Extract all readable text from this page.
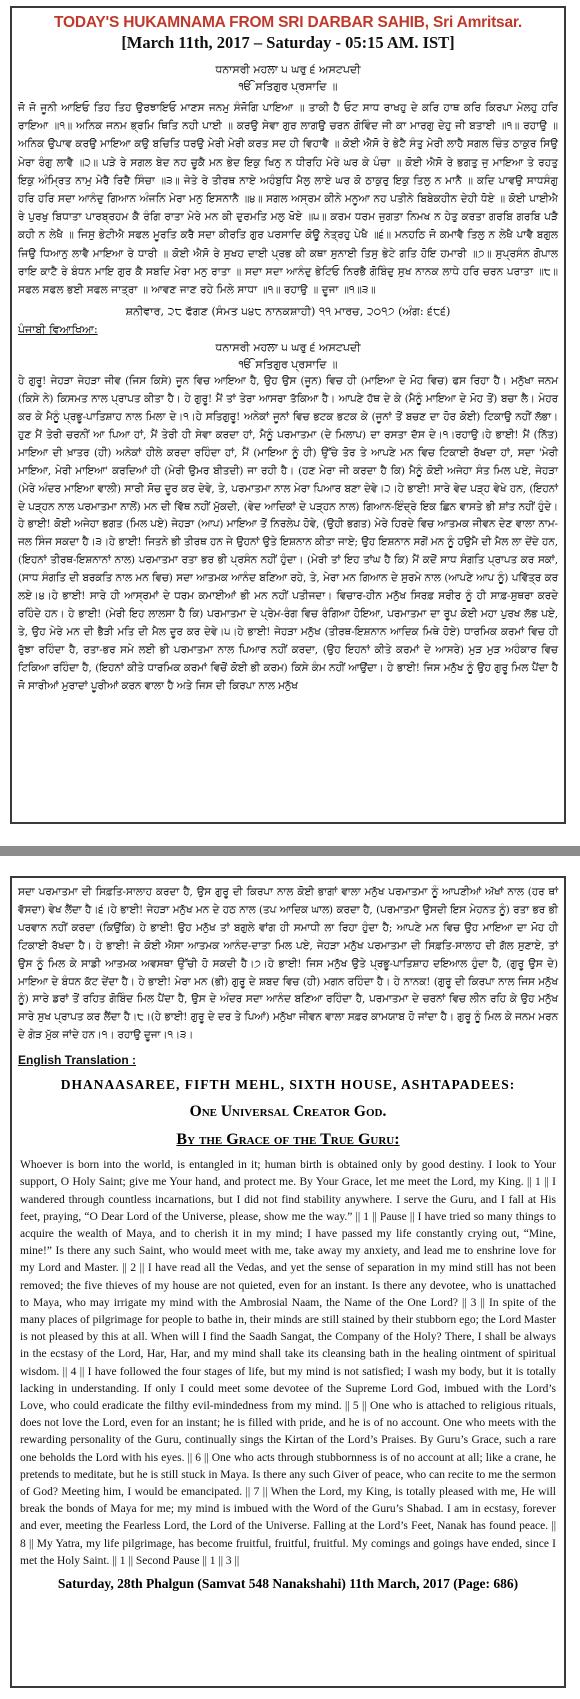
TODAY'S HUKAMNAMA FROM SRI DARBAR SAHIB, Sri Amritsar.
[March 11th, 2017 – Saturday - 05:15 AM. IST]
ਧਨਾਸਰੀ ਮਹਲਾ ੫ ਘਰੁ ੬ ਅਸਟਪਦੀ
ੴ ਸਤਿਗੁਰ ਪ੍ਰਸਾਦਿ ॥
ਜੋ ਜੋ ਜੂਨੀ ਆਇਓ ਤਿਹ ਤਿਹ ਉਰਝਾਇਓ ਮਾਣਸ ਜਨਮੁ ਸੰਜੋਗਿ ਪਾਇਆ ॥ ਤਾਕੀ ਹੈ ਓਟ ਸਾਧ ਰਾਖਹੁ ਦੇ ਕਰਿ ਹਾਥ ਕਰਿ ਕਿਰਪਾ ਮੇਲਹੁ ਹਰਿ ਰਾਇਆ ॥੧॥ ਅਨਿਕ ਜਨਮ ਭ੍ਰਮਿ ਥਿਤਿ ਨਹੀ ਪਾਈ ॥ ਕਰਉ ਸੇਵਾ ਗੁਰ ਲਾਗਉ ਚਰਨ ਗੋਵਿੰਦ ਜੀ ਕਾ ਮਾਰਗੁ ਦੇਹੁ ਜੀ ਬਤਾਈ ॥੧॥ ਰਹਾਉ ॥ ਅਨਿਕ ਉਪਾਵ ਕਰਉ ਮਾਇਆ ਕਉ ਬਚਿਤਿ ਧਰਉ ਮੇਰੀ ਮੇਰੀ ਕਰਤ ਸਦ ਹੀ ਵਿਹਾਵੈ ॥ ਕੋਈ ਐਸੋ ਰੇ ਭੇਟੈ ਸੰਤੁ ਮੇਰੀ ਲਾਹੈ ਸਗਲ ਚਿੰਤ ਠਾਕੁਰ ਸਿਉ ਮੇਰਾ ਰੰਗੁ ਲਾਵੈ ॥੨॥ ਪੜੇ ਰੇ ਸਗਲ ਬੇਦ ਨਹ ਚੂਕੈ ਮਨ ਭੇਦ ਇਕੁ ਖਿਨੁ ਨ ਧੀਰਹਿ ਮੇਰੇ ਘਰ ਕੇ ਪੰਚਾ ॥ ਕੋਈ ਐਸੋ ਰੇ ਭਗਤੁ ਜੁ ਮਾਇਆ ਤੇ ਰਹਤੁ ਇਕੁ ਅੰਮ੍ਰਿਤ ਨਾਮੁ ਮੇਰੈ ਰਿਦੈ ਸਿੰਚਾ ॥੩॥ ਜੇਤੇ ਰੇ ਤੀਰਥ ਨਾਏ ਅਹੰਬੁਧਿ ਮੈਲੁ ਲਾਏ ਘਰ ਕੋ ਠਾਕੁਰੁ ਇਕੁ ਤਿਲੁ ਨ ਮਾਨੈ ॥ ਕਦਿ ਪਾਵਉ ਸਾਧਸੰਗੁ ਹਰਿ ਹਰਿ ਸਦਾ ਆਨੰਦੁ ਗਿਆਨ ਅੰਜਨਿ ਮੇਰਾ ਮਨੁ ਇਸਨਾਨੈ ॥੪॥ ਸਗਲ ਅਸ੍ਰਮ ਕੀਨੇ ਮਨੂਆ ਨਹ ਪਤੀਨੇ ਬਿਬੇਕਹੀਨ ਦੇਹੀ ਧੋਏ ॥ ਕੋਈ ਪਾਈਐ ਰੇ ਪੁਰਖੁ ਬਿਧਾਤਾ ਪਾਰਬ੍ਰਹਮ ਕੈ ਰੰਗਿ ਰਾਤਾ ਮੇਰੇ ਮਨ ਕੀ ਦੁਰਮਤਿ ਮਲੁ ਖੋਏ ॥੫॥ ਕਰਮ ਧਰਮ ਜੁਗਤਾ ਨਿਮਖ ਨ ਹੇਤੁ ਕਰਤਾ ਗਰਬਿ ਗਰਬਿ ਪੜੈ ਕਹੀ ਨ ਲੇਖੈ ॥ ਜਿਸੁ ਭੇਟੀਐ ਸਫਲ ਮੂਰਤਿ ਕਰੈ ਸਦਾ ਕੀਰਤਿ ਗੁਰ ਪਰਸਾਦਿ ਕੋਊ ਨੇਤ੍ਰਹੁ ਪੇਖੈ ॥੬॥ ਮਨਹਠਿ ਜੋ ਕਮਾਵੈ ਤਿਲੁ ਨ ਲੇਖੈ ਪਾਵੈ ਬਗੁਲ ਜਿਉ ਧਿਆਨੁ ਲਾਵੈ ਮਾਇਆ ਰੇ ਧਾਰੀ ॥ ਕੋਈ ਐਸੋ ਰੇ ਸੁਖਹ ਦਾਈ ਪ੍ਰਭ ਕੀ ਕਥਾ ਸੁਨਾਈ ਤਿਸੁ ਭੇਟੇ ਗਤਿ ਹੋਇ ਹਮਾਰੀ ॥੭॥ ਸੁਪ੍ਰਸੰਨ ਗੋਪਾਲ ਰਾਇ ਕਾਟੈ ਰੇ ਬੰਧਨ ਮਾਇ ਗੁਰ ਕੈ ਸਬਦਿ ਮੇਰਾ ਮਨੁ ਰਾਤਾ ॥ ਸਦਾ ਸਦਾ ਆਨੰਦੁ ਭੇਟਿਓ ਨਿਰਭੈ ਗੋਬਿੰਦੁ ਸੁਖ ਨਾਨਕ ਲਾਧੇ ਹਰਿ ਚਰਨ ਪਰਾਤਾ ॥੮॥ ਸਫਲ ਸਫਲ ਭਈ ਸਫਲ ਜਾਤ੍ਰਾ ॥ ਆਵਣ ਜਾਣ ਰਹੇ ਮਿਲੇ ਸਾਧਾ ॥੧॥ ਰਹਾਉ ॥ ਦੂਜਾ ॥੧॥੩॥
ਸ਼ਨੀਵਾਰ, ੨੮ ਫੱਗਣ (ਸੰਮਤ ੫੪੮ ਨਾਨਕਸ਼ਾਹੀ) ੧੧ ਮਾਰਚ, ੨੦੧੭ (ਅੰਗ: ੬੮੬)
ਪੰਜਾਬੀ ਵਿਆਖਿਆ:
ਧਨਾਸਰੀ ਮਹਲਾ ੫ ਘਰੁ ੬ ਅਸਟਪਦੀ
ੴ ਸਤਿਗੁਰ ਪ੍ਰਸਾਦਿ ॥
ਹੇ ਗੁਰੂ! ਜੇਹੜਾ ਜੇਹੜਾ ਜੀਵ (ਜਿਸ ਕਿਸੇ) ਜੂਨ ਵਿਚ ਆਇਆ ਹੈ, ਉਹ ਉਸ (ਜੂਨ) ਵਿਚ ਹੀ (ਮਾਇਆ ਦੇ ਮੋਹ ਵਿਚ) ਫਸ ਰਿਹਾ ਹੈ। ਮਨੁੱਖਾ ਜਨਮ (ਕਿਸੇ ਨੇ) ਕਿਸਮਤ ਨਾਲ ਪ੍ਰਾਪਤ ਕੀਤਾ ਹੈ। ਹੇ ਗੁਰੂ! ਮੈਂ ਤਾਂ ਤੇਰਾ ਆਸਰਾ ਤੱਕਿਆ ਹੈ। ਆਪਣੇ ਹੱਥ ਦੇ ਕੇ (ਮੈਨੂੰ ਮਾਇਆ ਦੇ ਮੋਹ ਤੋਂ) ਬਚਾ ਲੈ। ਮੇਹਰ ਕਰ ਕੇ ਮੈਨੂੰ ਪ੍ਰਭੂ-ਪਾਤਿਸ਼ਾਹ ਨਾਲ ਮਿਲਾ ਦੇ।੧।ਹੇ ਸਤਿਗੁਰੂ! ਅਨੇਕਾਂ ਜੂਨਾਂ ਵਿਚ ਭਟਕ ਭਟਕ ਕੇ (ਜੂਨਾਂ ਤੋਂ ਬਚਣ ਦਾ ਹੋਰ ਕੋਈ) ਟਿਕਾਉ ਨਹੀਂ ਲੱਭਾ। ਹੁਣ ਮੈਂ ਤੇਰੀ ਚਰਨੀਂ ਆ ਪਿਆ ਹਾਂ, ਮੈਂ ਤੇਰੀ ਹੀ ਸੇਵਾ ਕਰਦਾ ਹਾਂ, ਮੈਨੂੰ ਪਰਮਾਤਮਾ (ਦੇ ਮਿਲਾਪ) ਦਾ ਰਸਤਾ ਦੱਸ ਦੇ।੧।ਰਹਾਉ।ਹੇ ਭਾਈ! ਮੈਂ (ਨਿੱਤ) ਮਾਇਆ ਦੀ ਖ਼ਾਤਰ (ਹੀ) ਅਨੇਕਾਂ ਹੀਲੇ ਕਰਦਾ ਰਹਿੰਦਾ ਹਾਂ, ਮੈਂ (ਮਾਇਆ ਨੂੰ ਹੀ) ਉੱਚੇ ਤੋਰ ਤੇ ਆਪਣੇ ਮਨ ਵਿਚ ਟਿਕਾਈ ਰੱਖਦਾ ਹਾਂ, ਸਦਾ 'ਮੇਰੀ ਮਾਇਆ, ਮੇਰੀ ਮਾਇਆ' ਕਰਦਿਆਂ ਹੀ (ਮੇਰੀ ਉਮਰ ਬੀਤਦੀ) ਜਾ ਰਹੀ ਹੈ। (ਹਣ ਮੇਰਾ ਜੀ ਕਰਦਾ ਹੈ ਕਿ) ਮੈਨੂੰ ਕੋਈ ਅਜੇਹਾ ਸੰਤ ਮਿਲ ਪਏ, ਜੇਹੜਾ (ਮੇਰੇ ਅੰਦਰ ਮਾਇਆ ਵਾਲੀ) ਸਾਰੀ ਸੋਚ ਦੂਰ ਕਰ ਦੇਵੇ, ਤੇ, ਪਰਮਾਤਮਾ ਨਾਲ ਮੇਰਾ ਪਿਆਰ ਬਣਾ ਦੇਵੇ।੨।ਹੇ ਭਾਈ! ਸਾਰੇ ਵੇਦ ਪੜ੍ਹ ਵੇਖੇ ਹਨ, (ਇਹਨਾਂ ਦੇ ਪੜ੍ਹਨ ਨਾਲ ਪਰਮਾਤਮਾ ਨਾਲੋਂ) ਮਨ ਦੀ ਵਿੱਥ ਨਹੀਂ ਮੁੱਕਦੀ, (ਵੇਦ ਆਦਿਕਾਂ ਦੇ ਪੜ੍ਹਨ ਨਾਲ) ਗਿਆਨ-ਇੰਦ੍ਰੇ ਇਕ ਛਿਨ ਵਾਸਤੇ ਭੀ ਸ਼ਾਂਤ ਨਹੀਂ ਹੁੰਦੇ। ਹੇ ਭਾਈ! ਕੋਈ ਅਜੇਹਾ ਭਗਤ (ਮਿਲ ਪਏ) ਜੇਹੜਾ (ਆਪ) ਮਾਇਆ ਤੋਂ ਨਿਰਲੇਪ ਹੋਵੇ, (ਉਹੀ ਭਗਤ) ਮੇਰੇ ਹਿਰਦੇ ਵਿਚ ਆਤਮਕ ਜੀਵਨ ਦੇਣ ਵਾਲਾ ਨਾਮ-ਜਲ ਸਿੰਜ ਸਕਦਾ ਹੈ।੩।ਹੇ ਭਾਈ! ਜਿਤਨੇ ਭੀ ਤੀਰਥ ਹਨ ਜੇ ਉਹਨਾਂ ਉਤੇ ਇਸ਼ਨਾਨ ਕੀਤਾ ਜਾਏ; ਉਹ ਇਸ਼ਨਾਨ ਸਗੋਂ ਮਨ ਨੂੰ ਹਉਮੈ ਦੀ ਮੈਲ ਲਾ ਦੇਂਦੇ ਹਨ, (ਇਹਨਾਂ ਤੀਰਥ-ਇਸ਼ਨਾਨਾਂ ਨਾਲ) ਪਰਮਾਤਮਾ ਰਤਾ ਭਰ ਭੀ ਪ੍ਰਸੰਨ ਨਹੀਂ ਹੁੰਦਾ। (ਮੇਰੀ ਤਾਂ ਇਹ ਤਾਂਘ ਹੈ ਕਿ) ਮੈਂ ਕਦੋਂ ਸਾਧ ਸੰਗਤਿ ਪ੍ਰਾਪਤ ਕਰ ਸਕਾਂ, (ਸਾਧ ਸੰਗਤਿ ਦੀ ਬਰਕਤਿ ਨਾਲ ਮਨ ਵਿਚ) ਸਦਾ ਆਤਮਕ ਆਨੰਦ ਬਣਿਆ ਰਹੇ, ਤੇ, ਮੇਰਾ ਮਨ ਗਿਆਨ ਦੇ ਸੁਰਮੇ ਨਾਲ (ਆਪਣੇ ਆਪ ਨੂੰ) ਪਵਿੱਤ੍ਰ ਕਰ ਲਏ।੪।ਹੇ ਭਾਈ! ਸਾਰੇ ਹੀ ਆਸ੍ਰਮਾਂ ਦੇ ਧਰਮ ਕਮਾਈਆਂ ਭੀ ਮਨ ਨਹੀਂ ਪਤੀਜਦਾ। ਵਿਚਾਰ-ਹੀਨ ਮਨੁੱਖ ਸਿਰਫ਼ ਸਰੀਰ ਨੂੰ ਹੀ ਸਾਫ਼-ਸੁਥਰਾ ਕਰਦੇ ਰਹਿੰਦੇ ਹਨ। ਹੇ ਭਾਈ! (ਮੇਰੀ ਇਹ ਲਾਲਸਾ ਹੈ ਕਿ) ਪਰਮਾਤਮਾ ਦੇ ਪ੍ਰੇਮ-ਰੰਗ ਵਿਚ ਰੰਗਿਆ ਹੋਇਆ, ਪਰਮਾਤਮਾ ਦਾ ਰੂਪ ਕੋਈ ਮਹਾ ਪੁਰਖ ਲੱਭ ਪਏ, ਤੇ, ਉਹ ਮੇਰੇ ਮਨ ਦੀ ਭੈੜੀ ਮਤਿ ਦੀ ਮੈਲ ਦੂਰ ਕਰ ਦੇਵੇ।੫।ਹੇ ਭਾਈ! ਜੇਹੜਾ ਮਨੁੱਖ (ਤੀਰਥ-ਇਸ਼ਨਾਨ ਆਦਿਕ ਮਿਥੇ ਹੋਏ) ਧਾਰਮਿਕ ਕਰਮਾਂ ਵਿਚ ਹੀ ਰੁੱਝਾ ਰਹਿੰਦਾ ਹੈ, ਰਤਾ-ਭਰ ਸਮੇ ਲਈ ਭੀ ਪਰਮਾਤਮਾ ਨਾਲ ਪਿਆਰ ਨਹੀਂ ਕਰਦਾ, (ਉਹ ਇਹਨਾਂ ਕੀਤੇ ਕਰਮਾਂ ਦੇ ਆਸਰੇ) ਮੁੜ ਮੁੜ ਅਹੰਕਾਰ ਵਿਚ ਟਿਕਿਆ ਰਹਿੰਦਾ ਹੈ, (ਇਹਨਾਂ ਕੀਤੇ ਧਾਰਮਿਕ ਕਰਮਾਂ ਵਿਚੋਂ ਕੋਈ ਭੀ ਕਰਮ) ਕਿਸੇ ਕੰਮ ਨਹੀਂ ਆਉਂਦਾ। ਹੇ ਭਾਈ! ਜਿਸ ਮਨੁੱਖ ਨੂੰ ਉਹ ਗੁਰੂ ਮਿਲ ਪੈਂਦਾ ਹੈ ਜੋ ਸਾਰੀਆਂ ਮੁਰਾਦਾਂ ਪੂਰੀਆਂ ਕਰਨ ਵਾਲਾ ਹੈ ਅਤੇ ਜਿਸ ਦੀ ਕਿਰਪਾ ਨਾਲ ਮਨੁੱਖ
ਸਦਾ ਪਰਮਾਤਮਾ ਦੀ ਸਿਫ਼ਤਿ-ਸਾਲਾਹ ਕਰਦਾ ਹੈ, ਉਸ ਗੁਰੂ ਦੀ ਕਿਰਪਾ ਨਾਲ ਕੋਈ ਭਾਗਾਂ ਵਾਲਾ ਮਨੁੱਖ ਪਰਮਾਤਮਾ ਨੂੰ ਆਪਣੀਆਂ ਅੱਖਾਂ ਨਾਲ (ਹਰ ਥਾਂ ਵੱਸਦਾ) ਵੇਖ ਲੈਂਦਾ ਹੈ।੬।ਹੇ ਭਾਈ! ਜੇਹੜਾ ਮਨੁੱਖ ਮਨ ਦੇ ਹਠ ਨਾਲ (ਤਪ ਆਦਿਕ ਘਾਲ) ਕਰਦਾ ਹੈ, (ਪਰਮਾਤਮਾ ਉਸਦੀ ਇਸ ਮੇਹਨਤ ਨੂੰ) ਰਤਾ ਭਰ ਭੀ ਪਰਵਾਨ ਨਹੀਂ ਕਰਦਾ (ਕਿਉਂਕਿ) ਹੇ ਭਾਈ! ਉਹ ਮਨੁੱਖ ਤਾਂ ਬਗੁਲੇ ਵਾਂਗ ਹੀ ਸਮਾਧੀ ਲਾ ਰਿਹਾ ਹੁੰਦਾ ਹੈ; ਆਪਣੇ ਮਨ ਵਿਚ ਉਹ ਮਾਇਆ ਦਾ ਮੋਹ ਹੀ ਟਿਕਾਈ ਰੱਖਦਾ ਹੈ। ਹੇ ਭਾਈ! ਜੇ ਕੋਈ ਐਸਾ ਆਤਮਕ ਆਨੰਦ-ਦਾਤਾ ਮਿਲ ਪਏ, ਜੇਹੜਾ ਮਨੁੱਖ ਪਰਮਾਤਮਾ ਦੀ ਸਿਫ਼ਤਿ-ਸਾਲਾਹ ਦੀ ਗੱਲ ਸੁਣਾਏ, ਤਾਂ ਉਸ ਨੂੰ ਮਿਲ ਕੇ ਸਾਡੀ ਆਤਮਕ ਅਵਸਥਾ ਉੱਚੀ ਹੋ ਸਕਦੀ ਹੈ।੭।ਹੇ ਭਾਈ! ਜਿਸ ਮਨੁੱਖ ਉਤੇ ਪ੍ਰਭੂ-ਪਾਤਿਸ਼ਾਹ ਦਇਆਲ ਹੁੰਦਾ ਹੈ, (ਗੁਰੂ ਉਸ ਦੇ) ਮਾਇਆ ਦੇ ਬੰਧਨ ਕੱਟ ਦੇਂਦਾ ਹੈ। ਹੇ ਭਾਈ! ਮੇਰਾ ਮਨ (ਭੀ) ਗੁਰੂ ਦੇ ਸ਼ਬਦ ਵਿਚ (ਹੀ) ਮਗਨ ਰਹਿੰਦਾ ਹੈ। ਹੇ ਨਾਨਕ! (ਗੁਰੂ ਦੀ ਕਿਰਪਾ ਨਾਲ ਜਿਸ ਮਨੁੱਖ ਨੂੰ) ਸਾਰੇ ਡਰਾਂ ਤੋਂ ਰਹਿਤ ਗੋਬਿੰਦ ਮਿਲ ਪੈਂਦਾ ਹੈ, ਉਸ ਦੇ ਅੰਦਰ ਸਦਾ ਆਨੰਦ ਬਣਿਆ ਰਹਿੰਦਾ ਹੈ, ਪਰਮਾਤਮਾ ਦੇ ਚਰਨਾਂ ਵਿਚ ਲੀਨ ਰਹਿ ਕੇ ਉਹ ਮਨੁੱਖ ਸਾਰੇ ਸੁਖ ਪ੍ਰਾਪਤ ਕਰ ਲੈਂਦਾ ਹੈ।੮।(ਹੇ ਭਾਈ! ਗੁਰੂ ਦੇ ਦਰ ਤੇ ਪਿਆਂ) ਮਨੁੱਖਾ ਜੀਵਨ ਵਾਲਾ ਸਫ਼ਰ ਕਾਮਯਾਬ ਹੋ ਜਾਂਦਾ ਹੈ। ਗੁਰੂ ਨੂੰ ਮਿਲ ਕੇ ਜਨਮ ਮਰਨ ਦੇ ਗੇੜ ਮੁੱਕ ਜਾਂਦੇ ਹਨ।੧। ਰਹਾਉ ਦੂਜਾ।੧।੩।
English Translation :
DHANAASAREE, FIFTH MEHL, SIXTH HOUSE, ASHTAPADEES:
One Universal Creator God.
By the Grace of the True Guru:
Whoever is born into the world, is entangled in it; human birth is obtained only by good destiny. I look to Your support, O Holy Saint; give me Your hand, and protect me. By Your Grace, let me meet the Lord, my King. || 1 || I wandered through countless incarnations, but I did not find stability anywhere. I serve the Guru, and I fall at His feet, praying, “O Dear Lord of the Universe, please, show me the way.” || 1 || Pause || I have tried so many things to acquire the wealth of Maya, and to cherish it in my mind; I have passed my life constantly crying out, “Mine, mine!” Is there any such Saint, who would meet with me, take away my anxiety, and lead me to enshrine love for my Lord and Master. || 2 || I have read all the Vedas, and yet the sense of separation in my mind still has not been removed; the five thieves of my house are not quieted, even for an instant. Is there any devotee, who is unattached to Maya, who may irrigate my mind with the Ambrosial Naam, the Name of the One Lord? || 3 || In spite of the many places of pilgrimage for people to bathe in, their minds are still stained by their stubborn ego; the Lord Master is not pleased by this at all. When will I find the Saadh Sangat, the Company of the Holy? There, I shall be always in the ecstasy of the Lord, Har, Har, and my mind shall take its cleansing bath in the healing ointment of spiritual wisdom. || 4 || I have followed the four stages of life, but my mind is not satisfied; I wash my body, but it is totally lacking in understanding. If only I could meet some devotee of the Supreme Lord God, imbued with the Lord’s Love, who could eradicate the filthy evil-mindedness from my mind. || 5 || One who is attached to religious rituals, does not love the Lord, even for an instant; he is filled with pride, and he is of no account. One who meets with the rewarding personality of the Guru, continually sings the Kirtan of the Lord’s Praises. By Guru’s Grace, such a rare one beholds the Lord with his eyes. || 6 || One who acts through stubbornness is of no account at all; like a crane, he pretends to meditate, but he is still stuck in Maya. Is there any such Giver of peace, who can recite to me the sermon of God? Meeting him, I would be emancipated. || 7 || When the Lord, my King, is totally pleased with me, He will break the bonds of Maya for me; my mind is imbued with the Word of the Guru’s Shabad. I am in ecstasy, forever and ever, meeting the Fearless Lord, the Lord of the Universe. Falling at the Lord’s Feet, Nanak has found peace. || 8 || My Yatra, my life pilgrimage, has become fruitful, fruitful, fruitful. My comings and goings have ended, since I met the Holy Saint. || 1 || Second Pause || 1 || 3 ||
Saturday, 28th Phalgun (Samvat 548 Nanakshahi) 11th March, 2017 (Page: 686)
